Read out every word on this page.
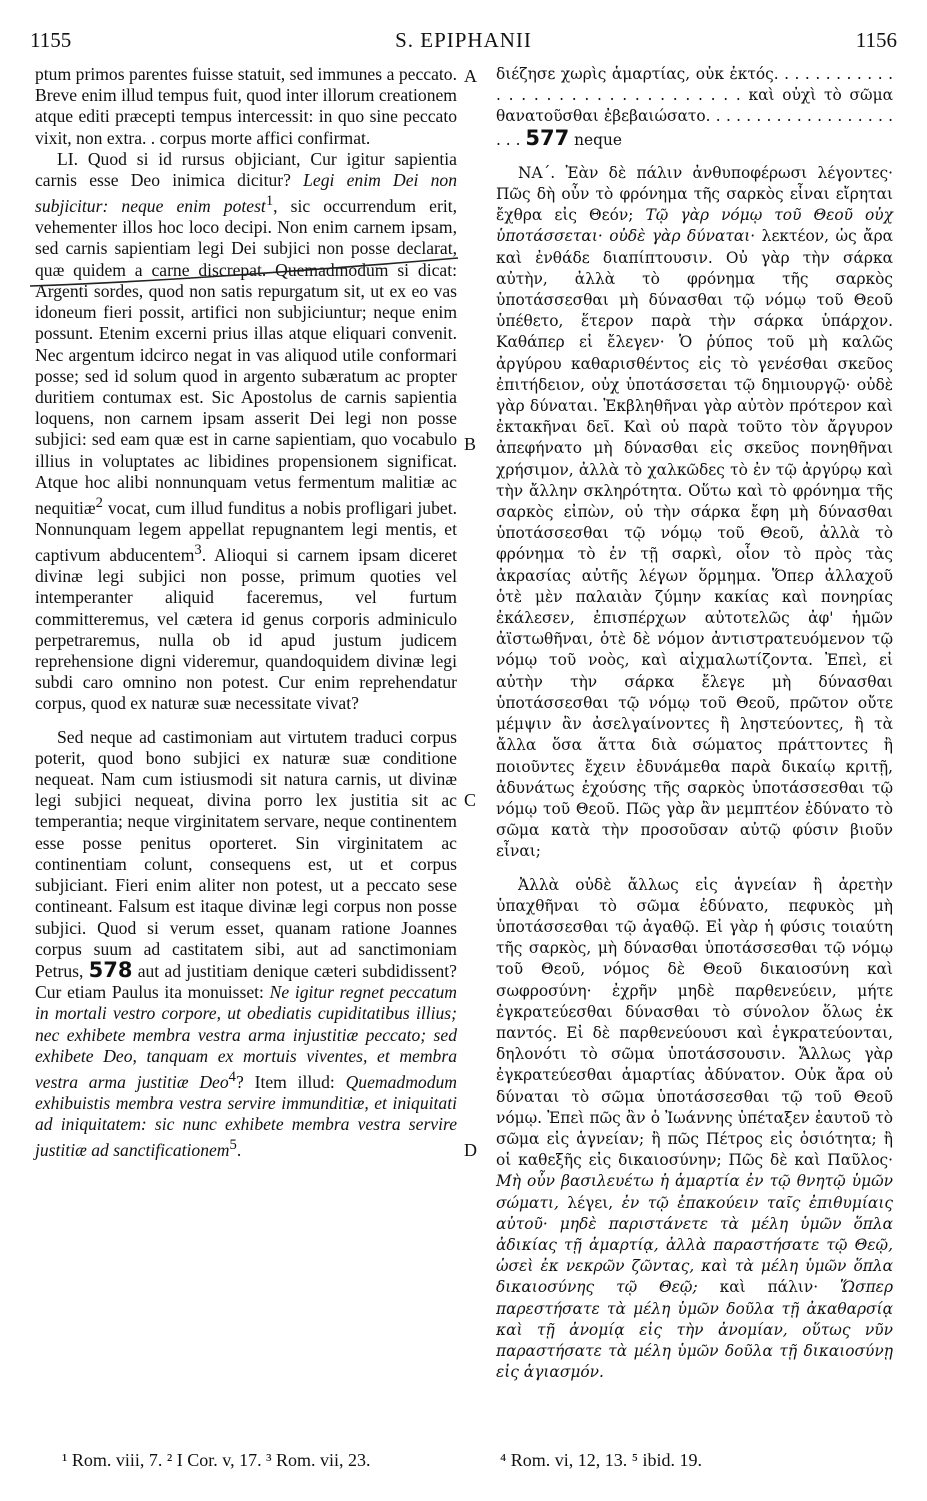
1155	S. EPIPHANII	1156

ptum primos parentes fuisse statuit, sed immunes a peccato. Breve enim illud tempus fuit, quod inter illorum creationem atque editi præcepti tempus intercessit: in quo sine peccato vixit, non extra. . corpus morte affici confirmat.

LI. Quod si id rursus objiciant, Cur igitur sapientia carnis esse Deo inimica dicitur? Legi enim Dei non subjicitur: neque enim potest$^1$, sic occurrendum erit, vehementer illos hoc loco decipi. Non enim carnem ipsam, sed carnis sapientiam legi Dei subjici non posse declarat, quæ quidem a carne discrepat. Quemadmodum si dicat: Argenti sordes, quod non satis repurgatum sit, ut ex eo vas idoneum fieri possit, artifici non subjiciuntur; neque enim possunt. Etenim excerni prius illas atque eliquari convenit. Nec argentum idcirco negat in vas aliquod utile conformari posse; sed id solum quod in argento subæratum ac propter duritiem contumax est. Sic Apostolus de carnis sapientia loquens, non carnem ipsam asserit Dei legi non posse subjici: sed eam quæ est in carne sapientiam, quo vocabulo illius in voluptates ac libidines propensionem significat. Atque hoc alibi nonnunquam vetus fermentum malitiæ ac nequitiæ$^2$ vocat, cum illud funditus a nobis profligari jubet. Nonnunquam legem appellat repugnantem legi mentis, et captivum abducentem$^3$. Alioqui si carnem ipsam diceret divinæ legi subjici non posse, primum quoties vel intemperanter aliquid faceremus, vel furtum committeremus, vel cætera id genus corporis adminiculo perpetraremus, nulla ob id apud justum judicem reprehensione digni videremur, quandoquidem divinæ legi subdi caro omnino non potest. Cur enim reprehendatur corpus, quod ex naturæ suæ necessitate vivat?

Sed neque ad castimoniam aut virtutem traduci corpus poterit, quod bono subjici ex naturæ suæ conditione nequeat. Nam cum istiusmodi sit natura carnis, ut divinæ legi subjici nequeat, divina porro lex justitia sit ac temperantia; neque virginitatem servare, neque continentem esse posse penitus oporteret. Sin virginitatem ac continentiam colunt, consequens est, ut et corpus subjiciant. Fieri enim aliter non potest, ut a peccato sese contineant. Falsum est itaque divinæ legi corpus non posse subjici. Quod si verum esset, quanam ratione Joannes corpus suum ad castitatem sibi, aut ad sanctimoniam Petrus, 578 aut ad justitiam denique cæteri subdidissent? Cur etiam Paulus ita monuisset: Ne igitur regnet peccatum in mortali vestro corpore, ut obediatis cupiditatibus illius; nec exhibete membra vestra arma injustitiæ peccato; sed exhibete Deo, tanquam ex mortuis viventes, et membra vestra arma justitiæ Deo$^4$? Item illud: Quemadmodum exhibuistis membra vestra servire immunditiæ, et iniquitati ad iniquitatem: sic nunc exhibete membra vestra servire justitiæ ad sanctificationem$^5$.

διέζησε χωρὶς ἁμαρτίας, οὐκ ἐκτός. . . . . . . . . . . . . . . . . . . . . . . . . . . . . . . . καὶ οὐχὶ τὸ σῶμα θανατοῦσθαι ἐβεβαιώσατο. . . . . . . . . . . . . . . . . . . . . . 577 neque

ΝΑ΄. Ἐὰν δὲ πάλιν ἀνθυποφέρωσι λέγοντες· Πῶς δὴ οὖν τὸ φρόνημα τῆς σαρκὸς εἶναι εἴρηται ἔχθρα εἰς Θεόν; Τῷ γὰρ νόμῳ τοῦ Θεοῦ οὐχ ὑποτάσσεται· οὐδὲ γὰρ δύναται· λεκτέον, ὡς ἄρα καὶ ἐνθάδε διαπίπτουσιν. Οὐ γὰρ τὴν σάρκα αὐτὴν, ἀλλὰ τὸ φρόνημα τῆς σαρκὸς ὑποτάσσεσθαι μὴ δύνασθαι τῷ νόμῳ τοῦ Θεοῦ ὑπέθετο, ἕτερον παρὰ τὴν σάρκα ὑπάρχον. Καθάπερ εἰ ἔλεγεν· Ὁ ῥύπος τοῦ μὴ καλῶς ἀργύρου καθαρισθέντος εἰς τὸ γενέσθαι σκεῦος ἐπιτήδειον, οὐχ ὑποτάσσεται τῷ δημιουργῷ· οὐδὲ γὰρ δύναται. Ἐκβληθῆναι γὰρ αὐτὸν πρότερον καὶ ἐκτακῆναι δεῖ. Καὶ οὐ παρὰ τοῦτο τὸν ἄργυρον ἀπεφήνατο μὴ δύνασθαι εἰς σκεῦος πονηθῆναι χρήσιμον, ἀλλὰ τὸ χαλκῶδες τὸ ἐν τῷ ἀργύρῳ καὶ τὴν ἄλλην σκληρότητα. Οὕτω καὶ τὸ φρόνημα τῆς σαρκὸς εἰπὼν, οὐ τὴν σάρκα ἔφη μὴ δύνασθαι ὑποτάσσεσθαι τῷ νόμῳ τοῦ Θεοῦ, ἀλλὰ τὸ φρόνημα τὸ ἐν τῇ σαρκὶ, οἷον τὸ πρὸς τὰς ἀκρασίας αὐτῆς λέγων ὅρμημα. Ὅπερ ἀλλαχοῦ ὁτὲ μὲν παλαιὰν ζύμην κακίας καὶ πονηρίας ἐκάλεσεν, ἐπισπέρχων αὐτοτελῶς ἀφ' ἡμῶν ἀϊστωθῆναι, ὁτὲ δὲ νόμον ἀντιστρατευόμενον τῷ νόμῳ τοῦ νοὸς, καὶ αἰχμαλωτίζοντα. Ἐπεὶ, εἰ αὐτὴν τὴν σάρκα ἔλεγε μὴ δύνασθαι ὑποτάσσεσθαι τῷ νόμῳ τοῦ Θεοῦ, πρῶτον οὔτε μέμψιν ἂν ἀσελγαίνοντες ἢ ληστεύοντες, ἢ τὰ ἄλλα ὅσα ἅττα διὰ σώματος πράττοντες ἢ ποιοῦντες ἔχειν ἐδυνάμεθα παρὰ δικαίῳ κριτῇ, ἀδυνάτως ἐχούσης τῆς σαρκὸς ὑποτάσσεσθαι τῷ νόμῳ τοῦ Θεοῦ. Πῶς γὰρ ἂν μεμπτέον ἐδύνατο τὸ σῶμα κατὰ τὴν προσοῦσαν αὐτῷ φύσιν βιοῦν εἶναι;

Ἀλλὰ οὐδὲ ἄλλως εἰς ἁγνείαν ἢ ἀρετὴν ὑπαχθῆναι τὸ σῶμα ἐδύνατο, πεφυκὸς μὴ ὑποτάσσεσθαι τῷ ἀγαθῷ. Εἰ γὰρ ἡ φύσις τοιαύτη τῆς σαρκὸς, μὴ δύνασθαι ὑποτάσσεσθαι τῷ νόμῳ τοῦ Θεοῦ, νόμος δὲ Θεοῦ δικαιοσύνη καὶ σωφροσύνη· ἐχρῆν μηδὲ παρθενεύειν, μήτε ἐγκρατεύεσθαι δύνασθαι τὸ σύνολον ὅλως ἐκ παντός. Εἰ δὲ παρθενεύουσι καὶ ἐγκρατεύονται, δηλονότι τὸ σῶμα ὑποτάσσουσιν. Ἄλλως γὰρ ἐγκρατεύεσθαι ἁμαρτίας ἀδύνατον. Οὐκ ἄρα οὐ δύναται τὸ σῶμα ὑποτάσσεσθαι τῷ τοῦ Θεοῦ νόμῳ. Ἐπεὶ πῶς ἂν ὁ Ἰωάννης ὑπέταξεν ἑαυτοῦ τὸ σῶμα εἰς ἁγνείαν; ἢ πῶς Πέτρος εἰς ὁσιότητα; ἢ οἱ καθεξῆς εἰς δικαιοσύνην; Πῶς δὲ καὶ Παῦλος· Μὴ οὖν βασιλευέτω ἡ ἁμαρτία ἐν τῷ θνητῷ ὑμῶν σώματι, λέγει, ἐν τῷ ἐπακούειν ταῖς ἐπιθυμίαις αὐτοῦ· μηδὲ παριστάνετε τὰ μέλη ὑμῶν ὅπλα ἀδικίας τῇ ἁμαρτίᾳ, ἀλλὰ παραστήσατε τῷ Θεῷ, ὡσεὶ ἐκ νεκρῶν ζῶντας, καὶ τὰ μέλη ὑμῶν ὅπλα δικαιοσύνης τῷ Θεῷ; καὶ πάλιν· Ὥσπερ παρεστήσατε τὰ μέλη ὑμῶν δοῦλα τῇ ἀκαθαρσίᾳ καὶ τῇ ἀνομίᾳ εἰς τὴν ἀνομίαν, οὕτως νῦν παραστήσατε τὰ μέλη ὑμῶν δοῦλα τῇ δικαιοσύνῃ εἰς ἁγιασμόν.

A
B
C
D
¹ Rom. viii, 7. ² I Cor. v, 17. ³ Rom. vii, 23.	⁴ Rom. vi, 12, 13. ⁵ ibid. 19.
